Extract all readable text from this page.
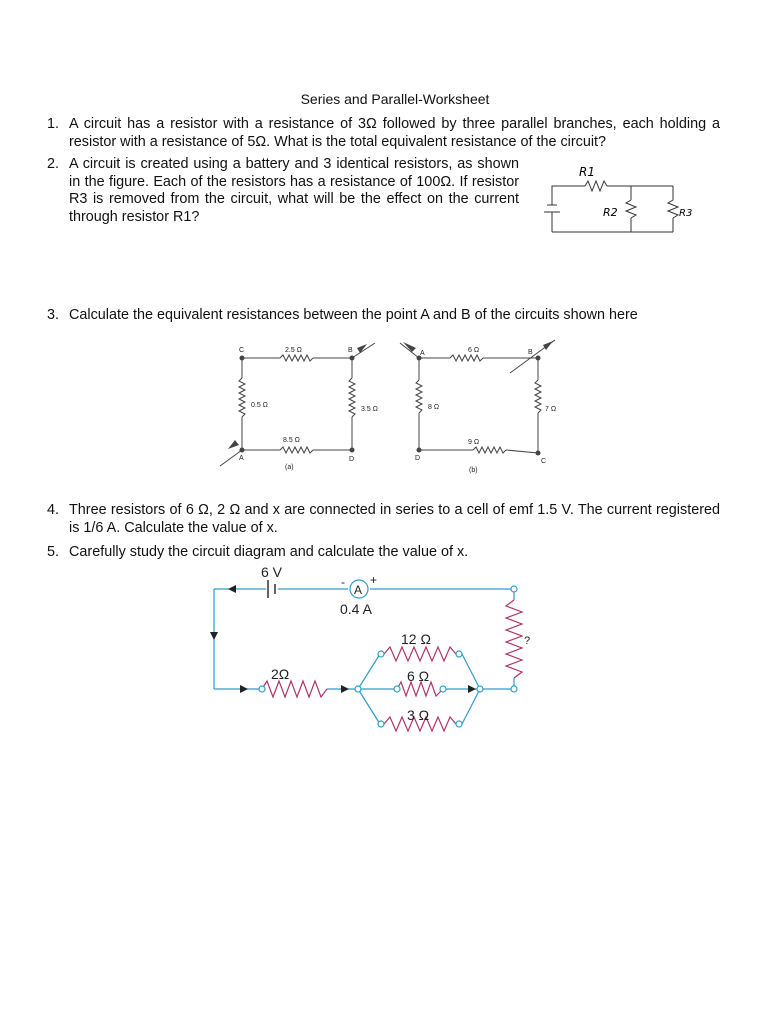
Series and Parallel-Worksheet
1. A circuit has a resistor with a resistance of 3Ω followed by three parallel branches, each holding a resistor with a resistance of 5Ω. What is the total equivalent resistance of the circuit?
2. A circuit is created using a battery and 3 identical resistors, as shown in the figure. Each of the resistors has a resistance of 100Ω. If resistor R3 is removed from the circuit, what will be the effect on the current through resistor R1?
3. Calculate the equivalent resistances between the point A and B of the circuits shown here
4. Three resistors of 6 Ω, 2 Ω and x are connected in series to a cell of emf 1.5 V. The current registered is 1/6 A. Calculate the value of x.
5. Carefully study the circuit diagram and calculate the value of x.
R1
R2	R3
2.5 Ω
0.5 Ω
3.5 Ω
8.5 Ω
C	B
A	D
(a)
6 Ω
8 Ω	7 Ω
9 Ω
A	B
D	C
(b)
A
6 V
- +
0.4 A
2Ω
12 Ω
6 Ω
3 Ω
?
